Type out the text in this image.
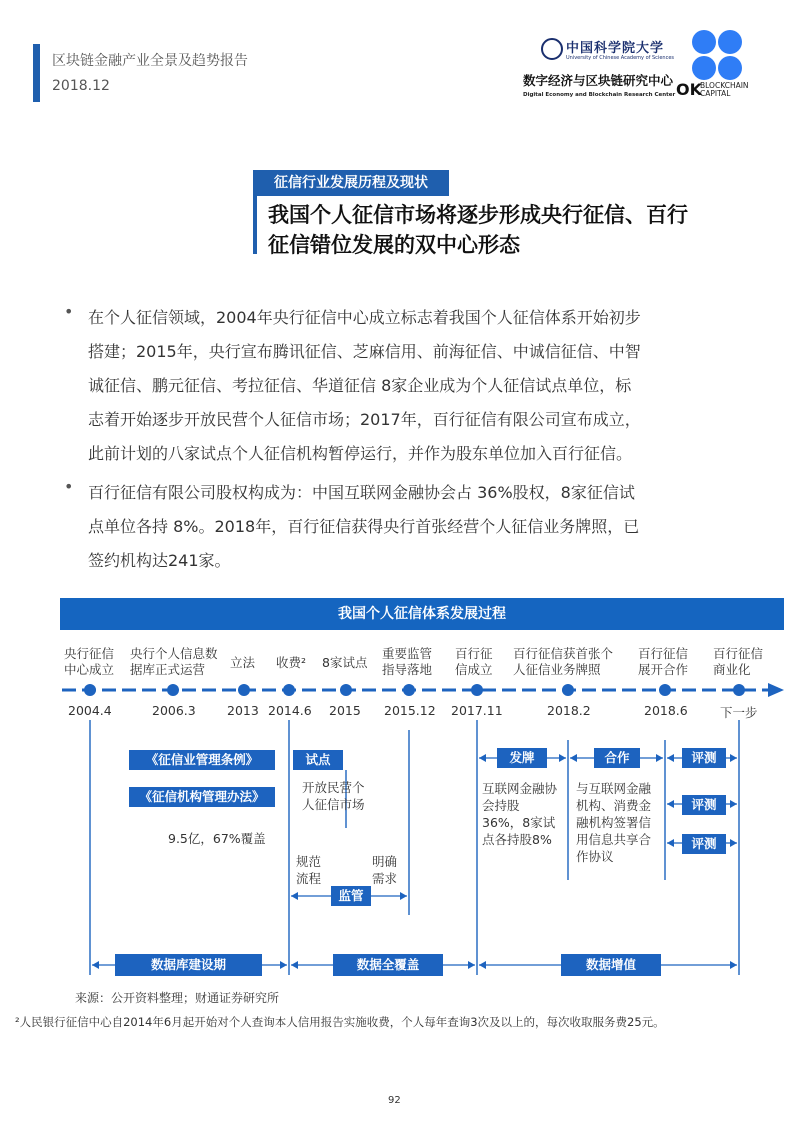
区块链金融产业全景及趋势报告
2018.12
中国科学院大学
University of Chinese Academy of Sciences
数字经济与区块链研究中心
Digital Economy and Blockchain Research Center OK
BLOCKCHAIN
CAPITAL
征信行业发展历程及现状
我国个人征信市场将逐步形成央行征信、百行
征信错位发展的双中心形态
• 在个人征信领域，2004年央行征信中心成立标志着我国个人征信体系开始初步
搭建；2015年，央行宣布腾讯征信、芝麻信用、前海征信、中诚信征信、中智
诚征信、鹏元征信、考拉征信、华道征信 8家企业成为个人征信试点单位，标
志着开始逐步开放民营个人征信市场；2017年，百行征信有限公司宣布成立，
此前计划的八家试点个人征信机构暂停运行，并作为股东单位加入百行征信。
• 百行征信有限公司股权构成为：中国互联网金融协会占 36%股权，8家征信试
点单位各持 8%。2018年，百行征信获得央行首张经营个人征信业务牌照，已
签约机构达241家。
我国个人征信体系发展过程
央行征信
中心成立
央行个人信息数
据库正式运营	立法 收费² 8家试点
重要监管
指导落地
百行征
信成立
百行征信获首张个
人征信业务牌照
百行征信
展开合作
百行征信
商业化
2004.4	2006.3	2013 2014.6 2015 2015.12 2017.11	2018.2	2018.6	下一步
《征信业管理条例》
《征信机构管理办法》
9.5亿，67%覆盖
试点
开放民营个
人征信市场
规范
流程
明确
需求
监管
发牌
互联网金融协
会持股
36%，8家试
点各持股8%
合作
与互联网金融
机构、消费金
融机构签署信
用信息共享合
作协议
评测
评测
评测
数据库建设期	数据全覆盖	数据增值
来源：公开资料整理；财通证券研究所
²人民银行征信中心自2014年6月起开始对个人查询本人信用报告实施收费，个人每年查询3次及以上的，每次收取服务费25元。
92
